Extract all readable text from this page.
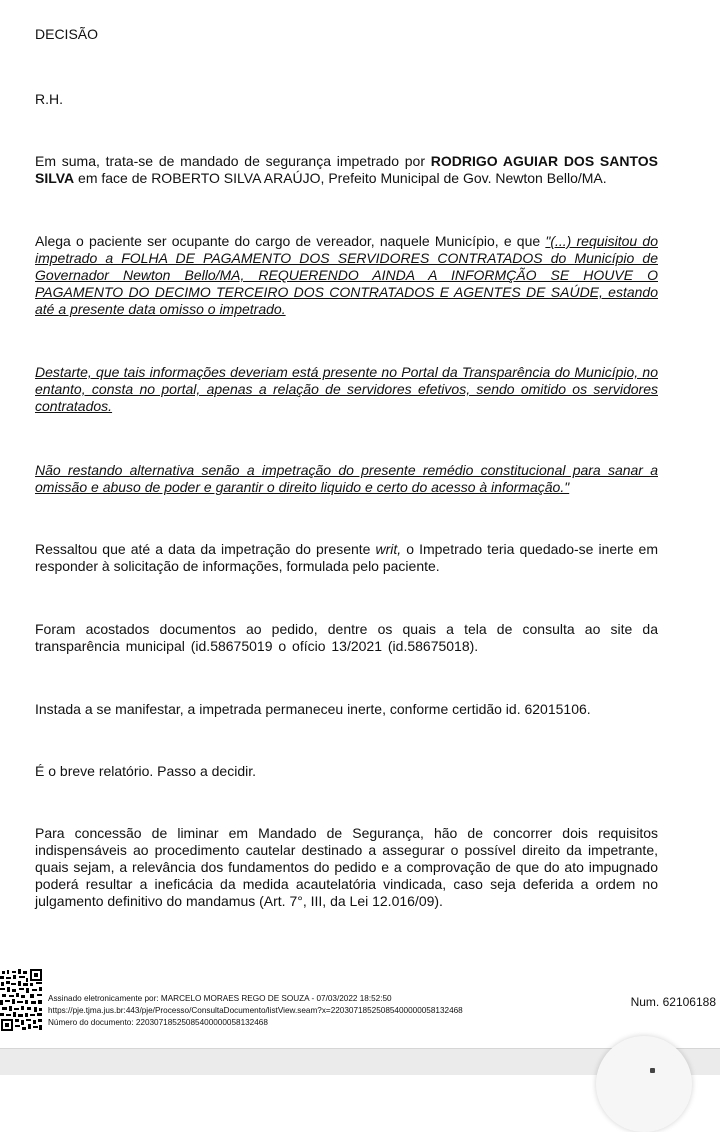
DECISÃO

R.H.

Em suma, trata-se de mandado de segurança impetrado por RODRIGO AGUIAR DOS SANTOS SILVA em face de ROBERTO SILVA ARAÚJO, Prefeito Municipal de Gov. Newton Bello/MA.

Alega o paciente ser ocupante do cargo de vereador, naquele Município, e que "(...) requisitou do impetrado a FOLHA DE PAGAMENTO DOS SERVIDORES CONTRATADOS do Município de Governador Newton Bello/MA, REQUERENDO AINDA A INFORMÇÃO SE HOUVE O PAGAMENTO DO DECIMO TERCEIRO DOS CONTRATADOS E AGENTES DE SAÚDE, estando até a presente data omisso o impetrado.

Destarte, que tais informações deveriam está presente no Portal da Transparência do Município, no entanto, consta no portal, apenas a relação de servidores efetivos, sendo omitido os servidores contratados.

Não restando alternativa senão a impetração do presente remédio constitucional para sanar a omissão e abuso de poder e garantir o direito liquido e certo do acesso à informação."

Ressaltou que até a data da impetração do presente writ, o Impetrado teria quedado-se inerte em responder à solicitação de informações, formulada pelo paciente.

Foram acostados documentos ao pedido, dentre os quais a tela de consulta ao site da transparência municipal (id.58675019 o ofício 13/2021 (id.58675018).

Instada a se manifestar, a impetrada permaneceu inerte, conforme certidão id. 62015106.

É o breve relatório. Passo a decidir.

Para concessão de liminar em Mandado de Segurança, hão de concorrer dois requisitos indispensáveis ao procedimento cautelar destinado a assegurar o possível direito da impetrante, quais sejam, a relevância dos fundamentos do pedido e a comprovação de que do ato impugnado poderá resultar a ineficácia da medida acautelatória vindicada, caso seja deferida a ordem no julgamento definitivo do mandamus (Art. 7°, III, da Lei 12.016/09).

Assinado eletronicamente por: MARCELO MORAES REGO DE SOUZA - 07/03/2022 18:52:50
https://pje.tjma.jus.br:443/pje/Processo/ConsultaDocumento/listView.seam?x=22030718525085400000058132468
Número do documento: 22030718525085400000058132468
Num. 62106188
